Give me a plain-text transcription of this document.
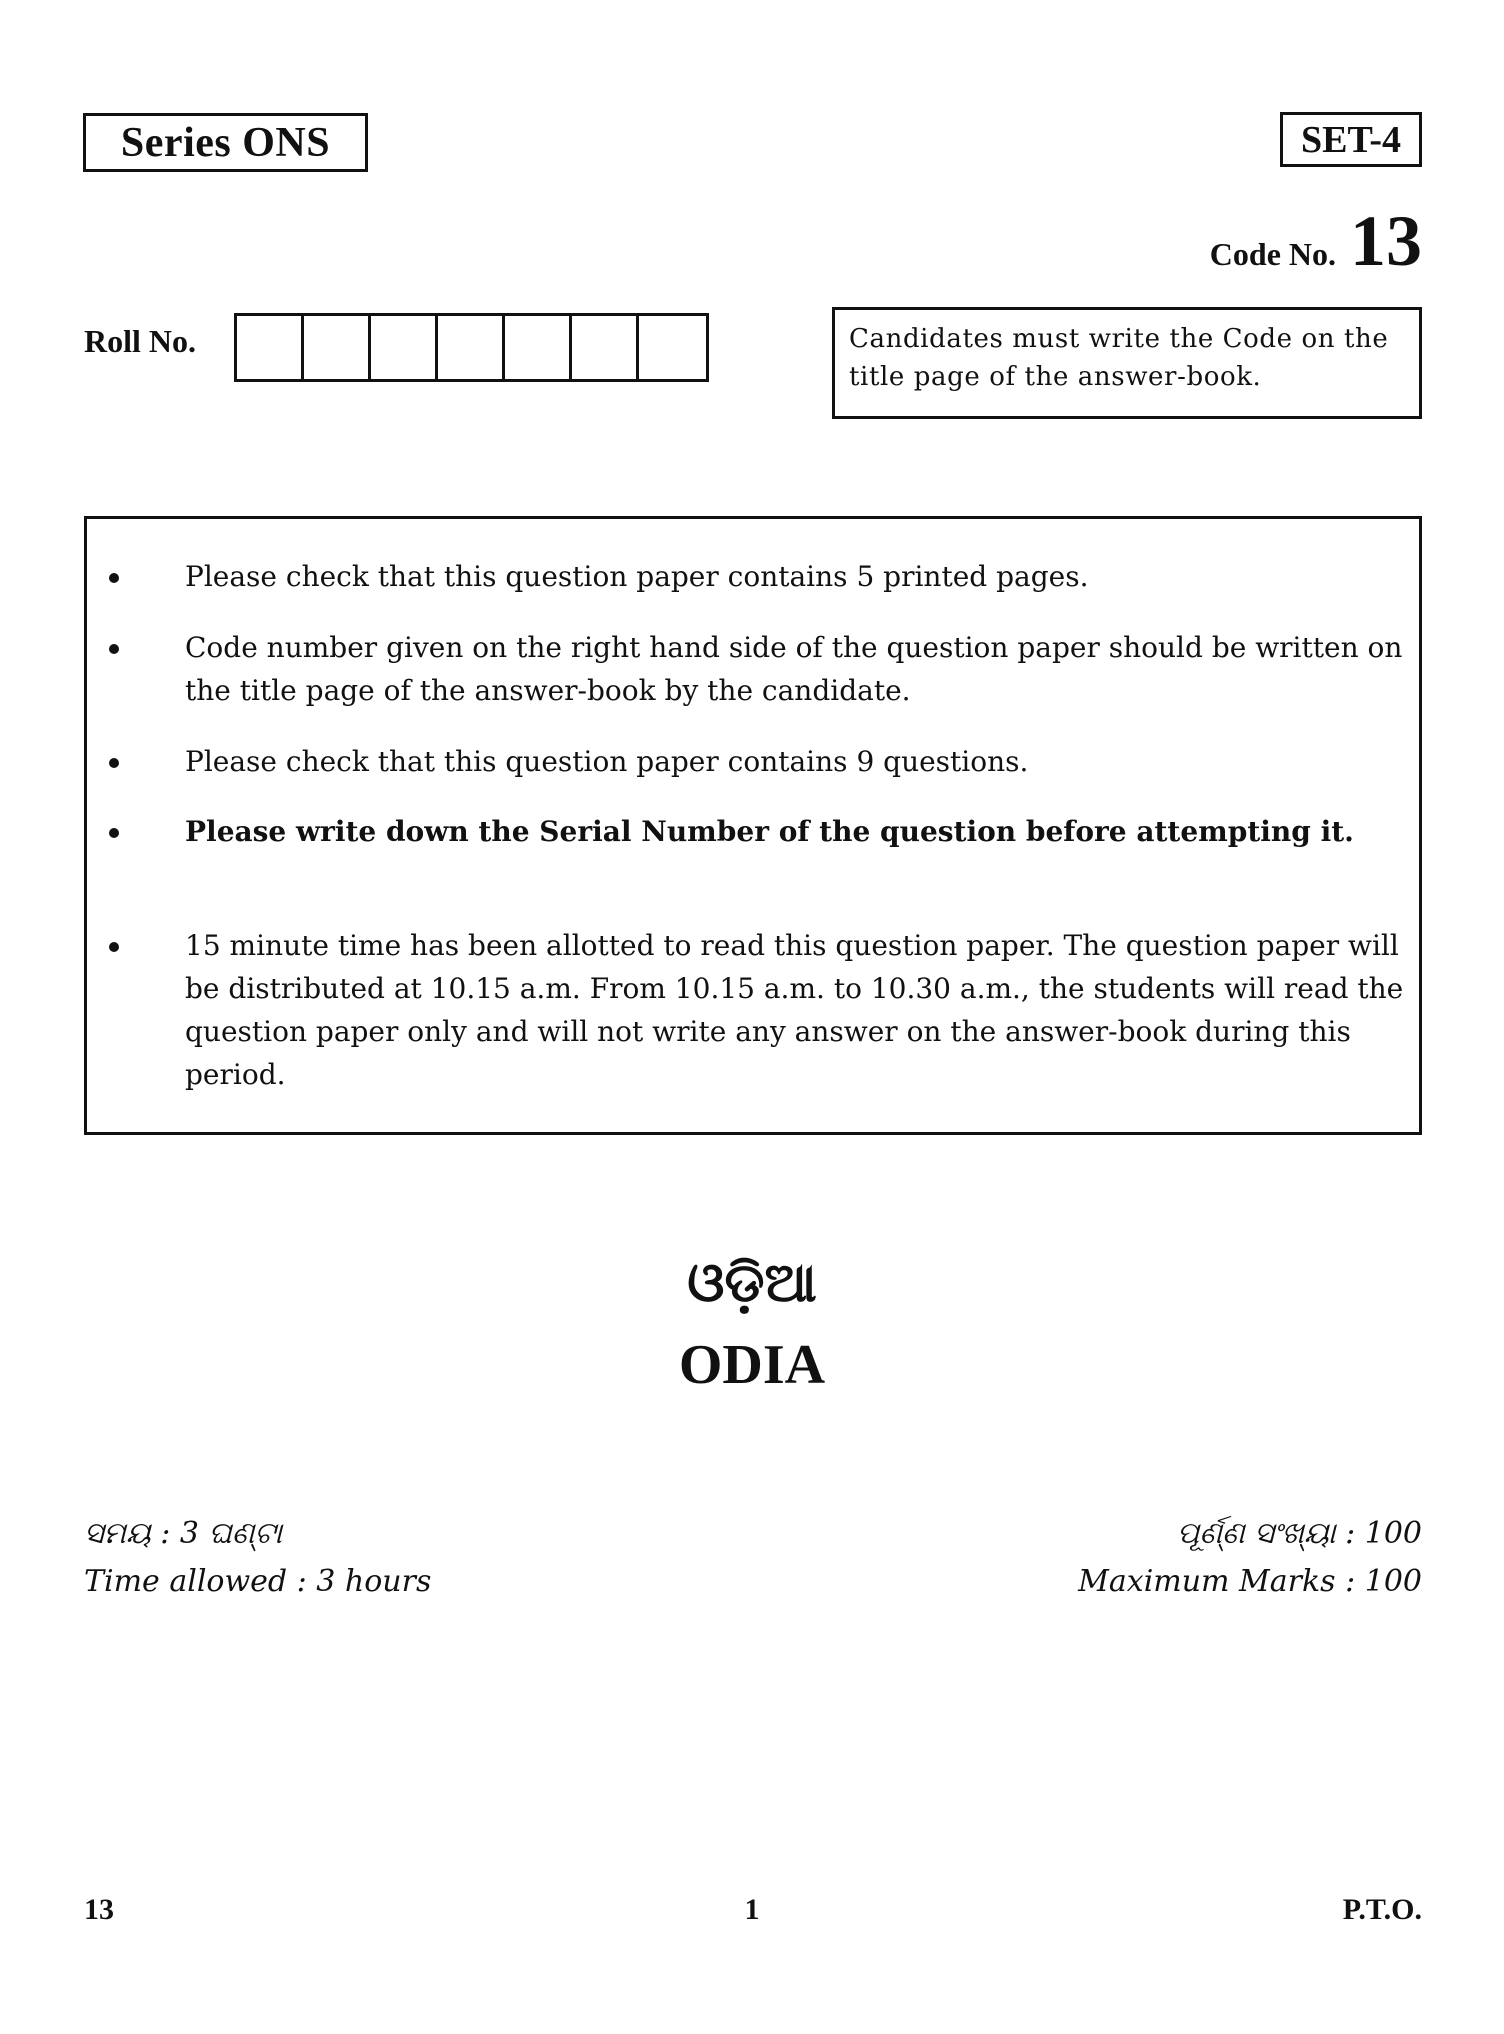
Series ONS	SET-4
Code No. 13
Roll No.	Candidates must write the Code on the title page of the answer-book.
Please check that this question paper contains 5 printed pages.
Code number given on the right hand side of the question paper should be written on the title page of the answer-book by the candidate.
Please check that this question paper contains 9 questions.
Please write down the Serial Number of the question before attempting it.
15 minute time has been allotted to read this question paper. The question paper will be distributed at 10.15 a.m. From 10.15 a.m. to 10.30 a.m., the students will read the question paper only and will not write any answer on the answer-book during this period.
ଓଡ଼ିଆ
ODIA
ସମୟ : 3 ଘଣ୍ଟା
Time allowed : 3 hours
ପୂର୍ଣ୍ଣ ସଂଖ୍ୟା : 100
Maximum Marks : 100
13	1	P.T.O.
